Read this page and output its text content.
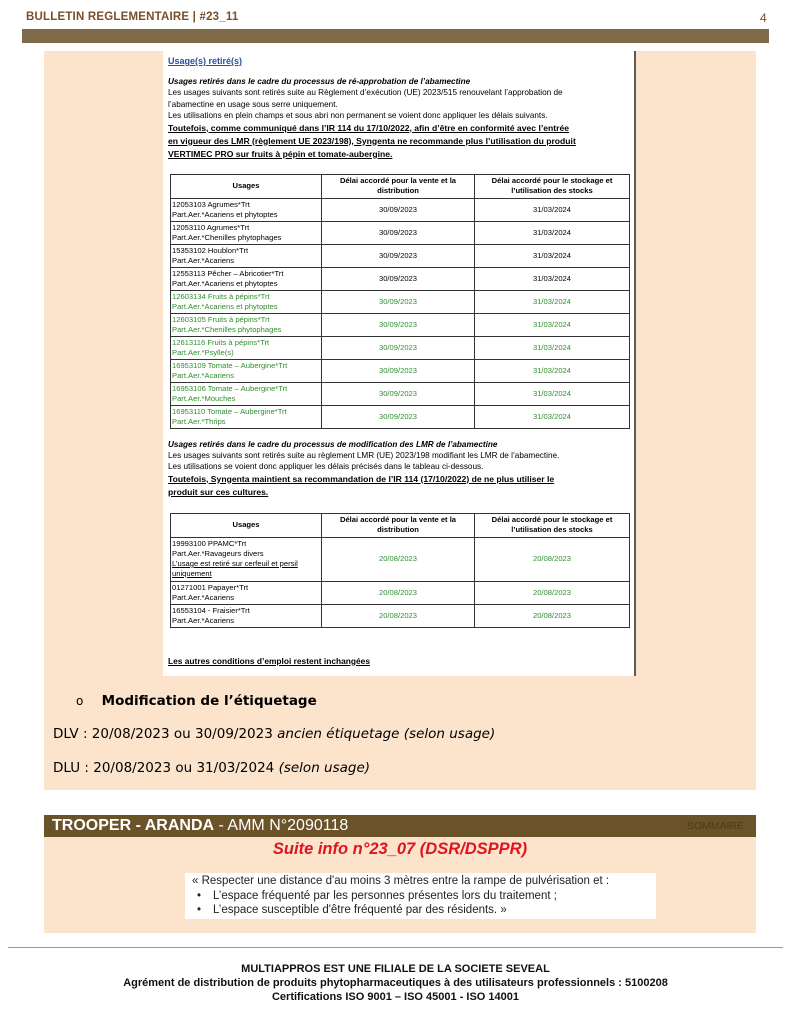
BULLETIN REGLEMENTAIRE | #23_11	4
Usage(s) retiré(s)
Usages retirés dans le cadre du processus de ré-approbation de l’abamectine
Les usages suivants sont retirés suite au Règlement d’exécution (UE) 2023/515 renouvelant l’approbation de
l’abamectine en usage sous serre uniquement.
Les utilisations en plein champs et sous abri non permanent se voient donc appliquer les délais suivants.
Toutefois, comme communiqué dans l’IR 114 du 17/10/2022, afin d’être en conformité avec l’entrée
en vigueur des LMR (règlement UE 2023/198), Syngenta ne recommande plus l’utilisation du produit
VERTIMEC PRO sur fruits à pépin et tomate-aubergine.
Usages	Délai accordé pour la vente et la distribution	Délai accordé pour le stockage et l’utilisation des stocks

12053103 Agrumes*Trt
Part.Aer.*Acariens et phytoptes	30/09/2023	31/03/2024

12053110 Agrumes*Trt
Part.Aer.*Chenilles phytophages	30/09/2023	31/03/2024

15353102 Houblon*Trt
Part.Aer.*Acariens	30/09/2023	31/03/2024

12553113 Pêcher – Abricotier*Trt
Part.Aer.*Acariens et phytoptes	30/09/2023	31/03/2024

12603134 Fruits à pépins*Trt
Part.Aer.*Acariens et phytoptes	30/09/2023	31/03/2024

12603105 Fruits à pépins*Trt
Part.Aer.*Chenilles phytophages	30/09/2023	31/03/2024

12613116 Fruits à pépins*Trt
Part.Aer.*Psylle(s)	30/09/2023	31/03/2024

16953109 Tomate – Aubergine*Trt
Part.Aer.*Acariens	30/09/2023	31/03/2024

16953106 Tomate – Aubergine*Trt
Part.Aer.*Mouches	30/09/2023	31/03/2024

16953110 Tomate – Aubergine*Trt
Part.Aer.*Thrips	30/09/2023	31/03/2024
Usages retirés dans le cadre du processus de modification des LMR de l’abamectine
Les usages suivants sont retirés suite au règlement LMR (UE) 2023/198 modifiant les LMR de l’abamectine.
Les utilisations se voient donc appliquer les délais précisés dans le tableau ci-dessous.
Toutefois, Syngenta maintient sa recommandation de l’IR 114 (17/10/2022) de ne plus utiliser le
produit sur ces cultures.
Usages	Délai accordé pour la vente et la distribution	Délai accordé pour le stockage et l’utilisation des stocks

19993100 PPAMC*Trt
Part.Aer.*Ravageurs divers
L’usage est retiré sur cerfeuil et persil
uniquement	20/08/2023	20/08/2023

01271001 Papayer*Trt
Part.Aer.*Acariens	20/08/2023	20/08/2023

16553104 - Fraisier*Trt
Part.Aer.*Acariens	20/08/2023	20/08/2023
Les autres conditions d’emploi restent inchangées
o Modification de l’étiquetage
DLV : 20/08/2023 ou 30/09/2023 ancien étiquetage (selon usage)
DLU : 20/08/2023 ou 31/03/2024 (selon usage)
TROOPER - ARANDA - AMM N°2090118	SOMMAIRE
Suite info n°23_07 (DSR/DSPPR)
« Respecter une distance d'au moins 3 mètres entre la rampe de pulvérisation et :
• L’espace fréquenté par les personnes présentes lors du traitement ;
• L’espace susceptible d'être fréquenté par des résidents. »
MULTIAPPROS EST UNE FILIALE DE LA SOCIETE SEVEAL
Agrément de distribution de produits phytopharmaceutiques à des utilisateurs professionnels : 5100208
Certifications ISO 9001 – ISO 45001 - ISO 14001
